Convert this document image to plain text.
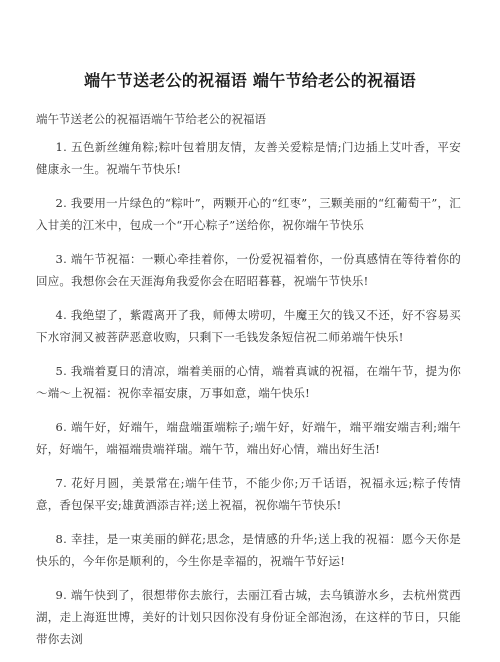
端午节送老公的祝福语 端午节给老公的祝福语
端午节送老公的祝福语端午节给老公的祝福语

1. 五色新丝缠角粽;粽叶包着朋友情，友善关爱粽是情;门边插上艾叶香，平安健康永一生。祝端午节快乐!

2. 我要用一片绿色的“粽叶”，两颗开心的“红枣”，三颗美丽的“红葡萄干”，汇入甘美的江米中，包成一个“开心粽子”送给你，祝你端午节快乐

3. 端午节祝福：一颗心牵挂着你，一份爱祝福着你，一份真感情在等待着你的回应。我想你会在天涯海角我爱你会在昭昭暮暮，祝端午节快乐!

4. 我绝望了，紫霞离开了我，师傅太唠叨，牛魔王欠的钱又不还，好不容易买下水帘洞又被菩萨恶意收购，只剩下一毛钱发条短信祝二师弟端午快乐!

5. 我端着夏日的清凉，端着美丽的心情，端着真诚的祝福，在端午节，提为你～端～上祝福：祝你幸福安康，万事如意，端午快乐!

6. 端午好，好端午，端盘端蛋端粽子;端午好，好端午，端平端安端吉利;端午好，好端午，端福端贵端祥瑞。端午节，端出好心情，端出好生活!

7. 花好月圆，美景常在;端午佳节，不能少你;万千话语，祝福永远;粽子传情意，香包保平安;雄黄酒添吉祥;送上祝福，祝你端午节快乐!

8. 幸挂，是一束美丽的鲜花;思念，是情感的升华;送上我的祝福：愿今天你是快乐的，今年你是顺利的，今生你是幸福的，祝端午节好运!

9. 端午快到了，很想带你去旅行，去丽江看古城，去乌镇游水乡，去杭州赏西湖，走上海逛世博，美好的计划只因你没有身份证全部泡汤，在这样的节日，只能带你去浏
